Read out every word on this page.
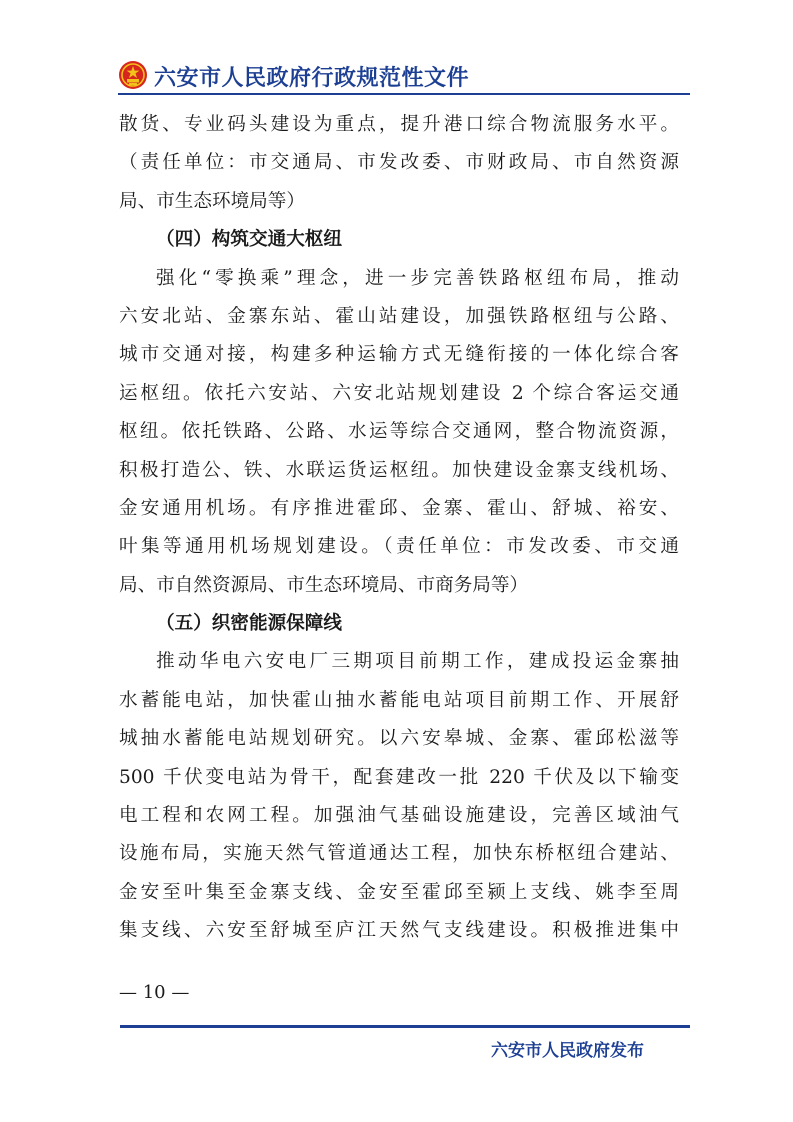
六安市人民政府行政规范性文件
散货、专业码头建设为重点，提升港口综合物流服务水平。
（责任单位：市交通局、市发改委、市财政局、市自然资源
局、市生态环境局等）
（四）构筑交通大枢纽
强化“零换乘”理念，进一步完善铁路枢纽布局，推动
六安北站、金寨东站、霍山站建设，加强铁路枢纽与公路、
城市交通对接，构建多种运输方式无缝衔接的一体化综合客
运枢纽。依托六安站、六安北站规划建设 2 个综合客运交通
枢纽。依托铁路、公路、水运等综合交通网，整合物流资源，
积极打造公、铁、水联运货运枢纽。加快建设金寨支线机场、
金安通用机场。有序推进霍邱、金寨、霍山、舒城、裕安、
叶集等通用机场规划建设。（责任单位：市发改委、市交通
局、市自然资源局、市生态环境局、市商务局等）
（五）织密能源保障线
推动华电六安电厂三期项目前期工作，建成投运金寨抽
水蓄能电站，加快霍山抽水蓄能电站项目前期工作、开展舒
城抽水蓄能电站规划研究。以六安皋城、金寨、霍邱松滋等
500 千伏变电站为骨干，配套建改一批 220 千伏及以下输变
电工程和农网工程。加强油气基础设施建设，完善区域油气
设施布局，实施天然气管道通达工程，加快东桥枢纽合建站、
金安至叶集至金寨支线、金安至霍邱至颍上支线、姚李至周
集支线、六安至舒城至庐江天然气支线建设。积极推进集中
— 10 —
六安市人民政府发布
